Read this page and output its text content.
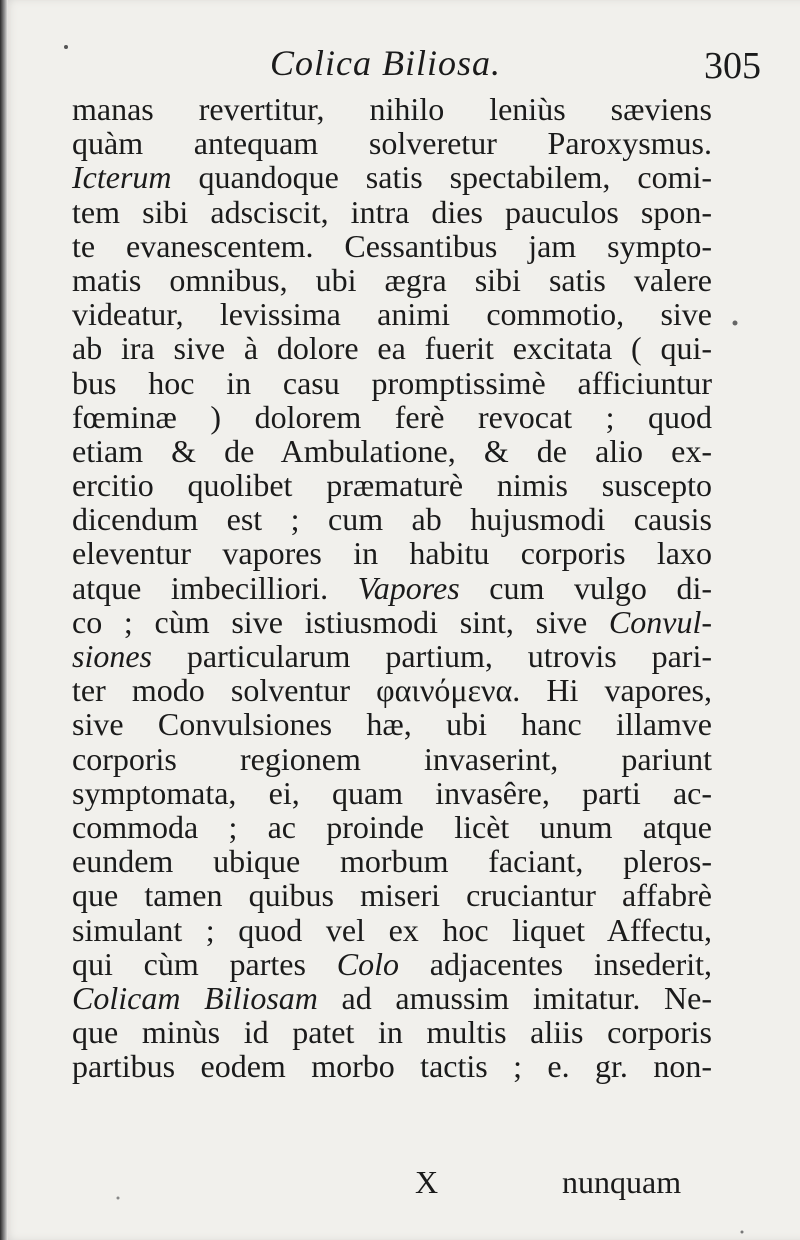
Colica Biliosa.	305
manas revertitur, nihilo leniùs sæviens
quàm antequam solveretur Paroxysmus.
Icterum quandoque satis spectabilem, comi-
tem sibi adsciscit, intra dies pauculos spon-
te evanescentem. Cessantibus jam sympto-
matis omnibus, ubi ægra sibi satis valere
videatur, levissima animi commotio, sive
ab ira sive à dolore ea fuerit excitata ( qui-
bus hoc in casu promptissimè afficiuntur
fœminæ ) dolorem ferè revocat ; quod
etiam & de Ambulatione, & de alio ex-
ercitio quolibet præmaturè nimis suscepto
dicendum est ; cum ab hujusmodi causis
eleventur vapores in habitu corporis laxo
atque imbecilliori. Vapores cum vulgo di-
co ; cùm sive istiusmodi sint, sive Convul-
siones particularum partium, utrovis pari-
ter modo solventur φαινόμενα. Hi vapores,
sive Convulsiones hæ, ubi hanc illamve
corporis regionem invaserint, pariunt
symptomata, ei, quam invasêre, parti ac-
commoda ; ac proinde licèt unum atque
eundem ubique morbum faciant, pleros-
que tamen quibus miseri cruciantur affabrè
simulant ; quod vel ex hoc liquet Affectu,
qui cùm partes Colo adjacentes insederit,
Colicam Biliosam ad amussim imitatur. Ne-
que minùs id patet in multis aliis corporis
partibus eodem morbo tactis ; e. gr. non-
X	nunquam
